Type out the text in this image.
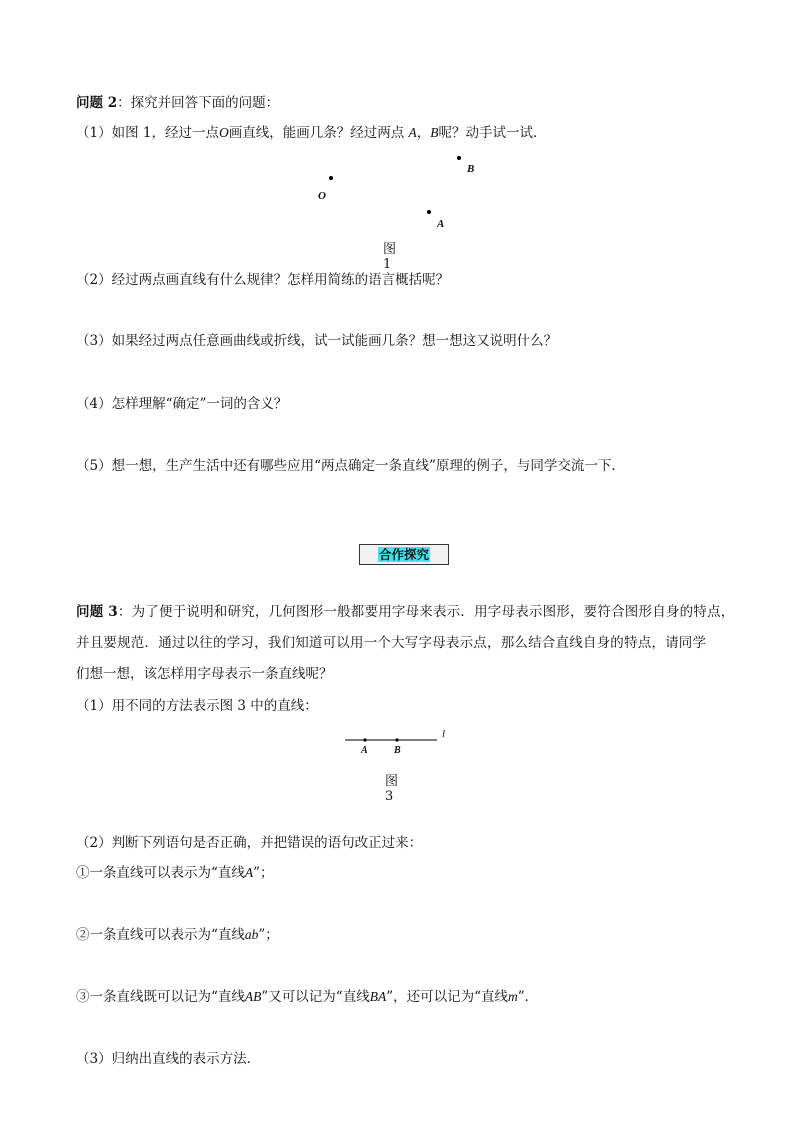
问题 2：探究并回答下面的问题：
（1）如图 1，经过一点O画直线，能画几条？经过两点 A，B呢？动手试一试．
B
O
A
图 1
（2）经过两点画直线有什么规律？怎样用简练的语言概括呢？
（3）如果经过两点任意画曲线或折线，试一试能画几条？想一想这又说明什么？
（4）怎样理解“确定”一词的含义？
（5）想一想，生产生活中还有哪些应用“两点确定一条直线”原理的例子，与同学交流一下.
合作探究
问题 3：为了便于说明和研究，几何图形一般都要用字母来表示．用字母表示图形，要符合图形自身的特点，
并且要规范．通过以往的学习，我们知道可以用一个大写字母表示点，那么结合直线自身的特点，请同学
们想一想，该怎样用字母表示一条直线呢？
（1）用不同的方法表示图 3 中的直线：
A	B
l
图 3
（2）判断下列语句是否正确，并把错误的语句改正过来：
①一条直线可以表示为“直线A”；
②一条直线可以表示为“直线ab”；
③一条直线既可以记为“直线AB”又可以记为“直线BA”，还可以记为“直线m”．
（3）归纳出直线的表示方法．
